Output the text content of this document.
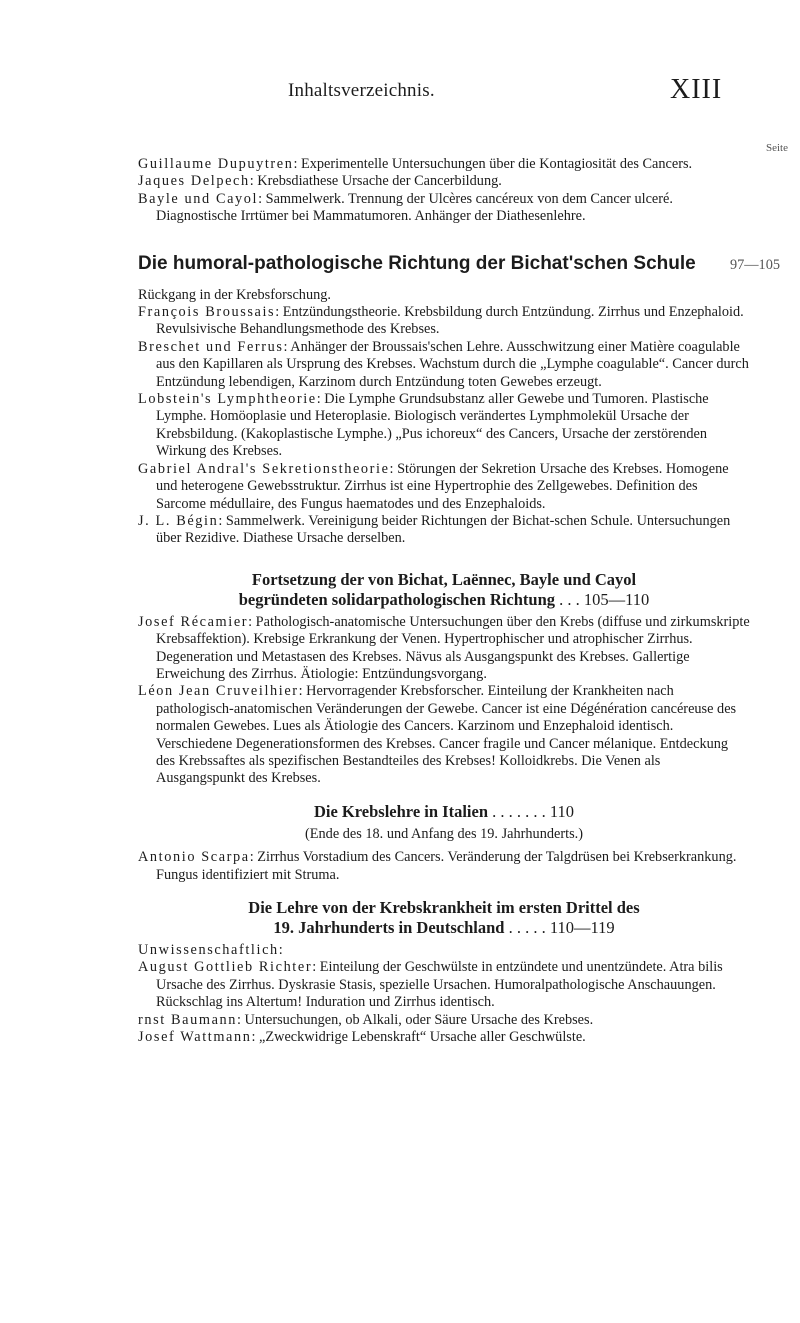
Inhaltsverzeichnis.	XIII
Seite

Guillaume Dupuytren: Experimentelle Untersuchungen über die Kontagiosität des Cancers.

Jaques Delpech: Krebsdiathese Ursache der Cancerbildung.

Bayle und Cayol: Sammelwerk. Trennung der Ulcères cancéreux von dem Cancer ulceré. Diagnostische Irrtümer bei Mammatumoren. Anhänger der Diathesenlehre.

Die humoral-pathologische Richtung der Bichat'schen Schule 97—105

Rückgang in der Krebsforschung.

François Broussais: Entzündungstheorie. Krebsbildung durch Entzündung. Zirrhus und Enzephaloid. Revulsivische Behandlungsmethode des Krebses.

Breschet und Ferrus: Anhänger der Broussais'schen Lehre. Ausschwitzung einer Matière coagulable aus den Kapillaren als Ursprung des Krebses. Wachstum durch die „Lymphe coagulable“. Cancer durch Entzündung lebendigen, Karzinom durch Entzündung toten Gewebes erzeugt.

Lobstein's Lymphtheorie: Die Lymphe Grundsubstanz aller Gewebe und Tumoren. Plastische Lymphe. Homöoplasie und Heteroplasie. Biologisch verändertes Lymphmolekül Ursache der Krebsbildung. (Kakoplastische Lymphe.) „Pus ichoreux“ des Cancers, Ursache der zerstörenden Wirkung des Krebses.

Gabriel Andral's Sekretionstheorie: Störungen der Sekretion Ursache des Krebses. Homogene und heterogene Gewebsstruktur. Zirrhus ist eine Hypertrophie des Zellgewebes. Definition des Sarcome médullaire, des Fungus haematodes und des Enzephaloids.

J. L. Bégin: Sammelwerk. Vereinigung beider Richtungen der Bichat-schen Schule. Untersuchungen über Rezidive. Diathese Ursache derselben.

Fortsetzung der von Bichat, Laënnec, Bayle und Cayol
begründeten solidarpathologischen Richtung . . . 105—110

Josef Récamier: Pathologisch-anatomische Untersuchungen über den Krebs (diffuse und zirkumskripte Krebsaffektion). Krebsige Erkrankung der Venen. Hypertrophischer und atrophischer Zirrhus. Degeneration und Metastasen des Krebses. Nävus als Ausgangspunkt des Krebses. Gallertige Erweichung des Zirrhus. Ätiologie: Entzündungsvorgang.

Léon Jean Cruveilhier: Hervorragender Krebsforscher. Einteilung der Krankheiten nach pathologisch-anatomischen Veränderungen der Gewebe. Cancer ist eine Dégénération cancéreuse des normalen Gewebes. Lues als Ätiologie des Cancers. Karzinom und Enzephaloid identisch. Verschiedene Degenerationsformen des Krebses. Cancer fragile und Cancer mélanique. Entdeckung des Krebssaftes als spezifischen Bestandteiles des Krebses! Kolloidkrebs. Die Venen als Ausgangspunkt des Krebses.

Die Krebslehre in Italien . . . . . . . 110
(Ende des 18. und Anfang des 19. Jahrhunderts.)

Antonio Scarpa: Zirrhus Vorstadium des Cancers. Veränderung der Talgdrüsen bei Krebserkrankung. Fungus identifiziert mit Struma.

Die Lehre von der Krebskrankheit im ersten Drittel des
19. Jahrhunderts in Deutschland . . . . . 110—119

Unwissenschaftlich:

August Gottlieb Richter: Einteilung der Geschwülste in entzündete und unentzündete. Atra bilis Ursache des Zirrhus. Dyskrasie Stasis, spezielle Ursachen. Humoralpathologische Anschauungen. Rückschlag ins Altertum! Induration und Zirrhus identisch.

rnst Baumann: Untersuchungen, ob Alkali, oder Säure Ursache des Krebses.

Josef Wattmann: „Zweckwidrige Lebenskraft“ Ursache aller Geschwülste.
